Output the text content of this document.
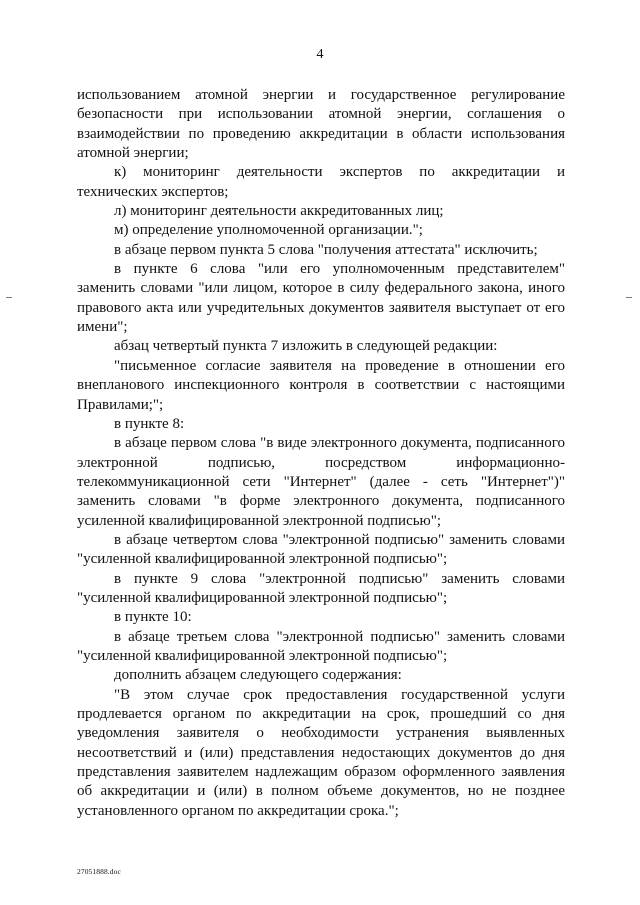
4

использованием атомной энергии и государственное регулирование безопасности при использовании атомной энергии, соглашения о взаимодействии по проведению аккредитации в области использования атомной энергии;

к) мониторинг деятельности экспертов по аккредитации и технических экспертов;

л) мониторинг деятельности аккредитованных лиц;

м) определение уполномоченной организации.";

в абзаце первом пункта 5 слова "получения аттестата" исключить;

в пункте 6 слова "или его уполномоченным представителем" заменить словами "или лицом, которое в силу федерального закона, иного правового акта или учредительных документов заявителя выступает от его имени";

абзац четвертый пункта 7 изложить в следующей редакции:

"письменное согласие заявителя на проведение в отношении его внепланового инспекционного контроля в соответствии с настоящими Правилами;";

в пункте 8:

в абзаце первом слова "в виде электронного документа, подписанного электронной подписью, посредством информационно-телекоммуникационной сети "Интернет" (далее - сеть "Интернет")" заменить словами "в форме электронного документа, подписанного усиленной квалифицированной электронной подписью";

в абзаце четвертом слова "электронной подписью" заменить словами "усиленной квалифицированной электронной подписью";

в пункте 9 слова "электронной подписью" заменить словами "усиленной квалифицированной электронной подписью";

в пункте 10:

в абзаце третьем слова "электронной подписью" заменить словами "усиленной квалифицированной электронной подписью";

дополнить абзацем следующего содержания:

"В этом случае срок предоставления государственной услуги продлевается органом по аккредитации на срок, прошедший со дня уведомления заявителя о необходимости устранения выявленных несоответствий и (или) представления недостающих документов до дня представления заявителем надлежащим образом оформленного заявления об аккредитации и (или) в полном объеме документов, но не позднее установленного органом по аккредитации срока.";

27051888.doc
